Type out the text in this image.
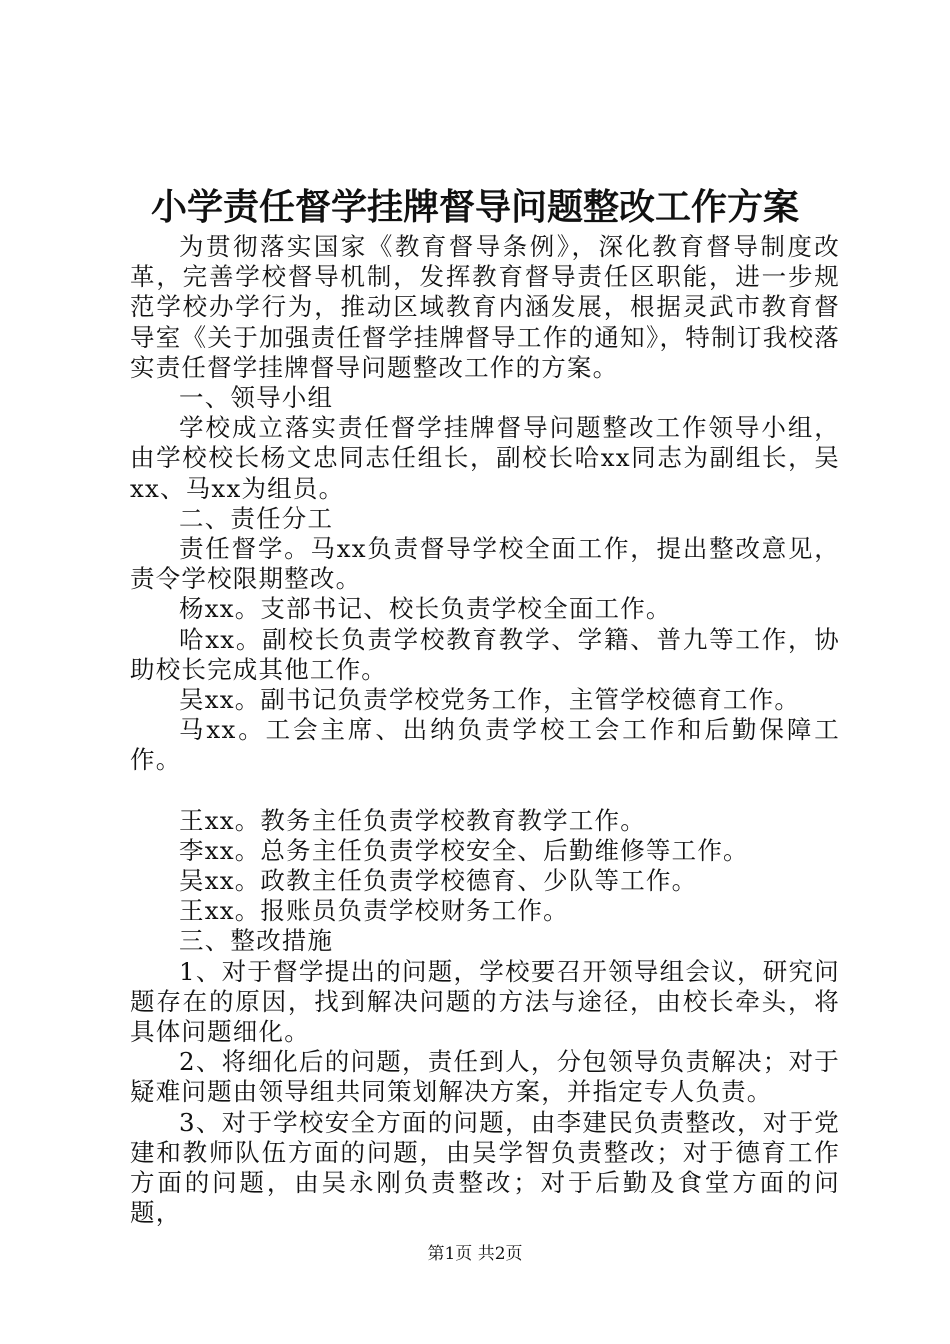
小学责任督学挂牌督导问题整改工作方案

为贯彻落实国家《教育督导条例》，深化教育督导制度改革，完善学校督导机制，发挥教育督导责任区职能，进一步规范学校办学行为，推动区域教育内涵发展，根据灵武市教育督导室《关于加强责任督学挂牌督导工作的通知》，特制订我校落实责任督学挂牌督导问题整改工作的方案。

一、领导小组

学校成立落实责任督学挂牌督导问题整改工作领导小组，由学校校长杨文忠同志任组长，副校长哈xx同志为副组长，吴xx、马xx为组员。

二、责任分工

责任督学。马xx负责督导学校全面工作，提出整改意见，责令学校限期整改。

杨xx。支部书记、校长负责学校全面工作。

哈xx。副校长负责学校教育教学、学籍、普九等工作，协助校长完成其他工作。

吴xx。副书记负责学校党务工作，主管学校德育工作。

马xx。工会主席、出纳负责学校工会工作和后勤保障工作。

王xx。教务主任负责学校教育教学工作。

李xx。总务主任负责学校安全、后勤维修等工作。

吴xx。政教主任负责学校德育、少队等工作。

王xx。报账员负责学校财务工作。

三、整改措施

1、对于督学提出的问题，学校要召开领导组会议，研究问题存在的原因，找到解决问题的方法与途径，由校长牵头，将具体问题细化。

2、将细化后的问题，责任到人，分包领导负责解决；对于疑难问题由领导组共同策划解决方案，并指定专人负责。

3、对于学校安全方面的问题，由李建民负责整改，对于党建和教师队伍方面的问题，由吴学智负责整改；对于德育工作方面的问题，由吴永刚负责整改；对于后勤及食堂方面的问题，

第1页 共2页
